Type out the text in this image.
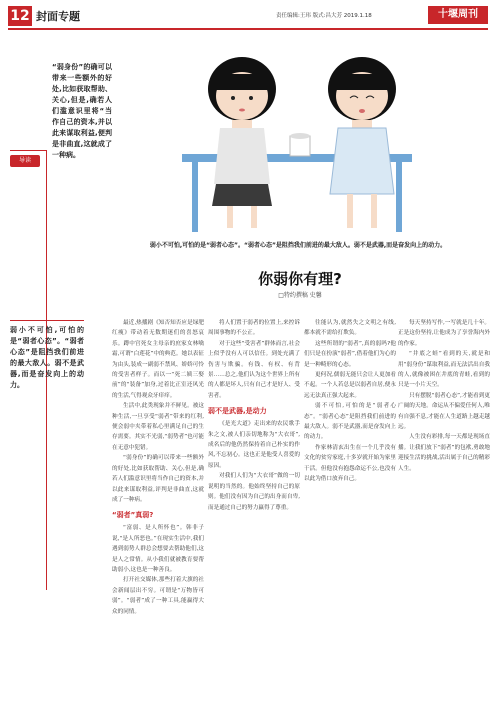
12 封面专题	责任编辑:王玮 版式:昌大芳 2019.1.18	十堰周刊
“弱身份”的确可以带来一些额外的好处,比如获取帮助、关心,但是,确若人们滥意识里将“当作自己的资本,并以此来谋取利益,便判是非曲直,这就成了一种病。
导读
弱小不可怕,可怕的是“弱者心态”。“弱者心态”是阻挡我们前进的最大敌人。弱不是武器,而是奋发向上的动力。
弱小不可怕,可怕的是“弱者心态”。“弱者心态”是阻挡我们前进的最大敌人。弱不是武器,而是奋发向上的动力。
你弱你有理?
□特约撰稿 史馨

最近,热播剧《知否知否应是绿肥红瘦》带动着无数期迷们的喜怒哀乐。蹲中宫死女主母亲的庶家女林噙霜,可谓“白莲花”中的典范。她以表征为由头,装成一副弱不禁风、娇娇可怜的受害者样子。而以一“死二姨三娶前”的“装备”加身,过着比正室还风光的生活,气得观众牙痒痒。

生活中,此类现象并不鲜见。被这种生活,一旦享受“弱者”带来的红利,便会弱中夹带着私心里满足自己的生存需要。其实不光弱,“弱势者”也可能在无意中犯错。

“弱身份”的确可以带来一些额外的好处,比如获取帮助、关心,但是,确若人们滥意识里将当作自己的资本,并以此来谋取利益,评判是非曲直,这就成了一种病。

“弱者”真弱?

“富弱、是人所怀也”。韩非子说,“是人所恶也。”在现实生活中,我们遇到弱势人群总会想要去帮助他们,这是人之常情。从小我们就被教育要帮助弱小,这也是一种善良。

打开社交媒体,那些打着大旗的社会新闻层出不穷。可谓是“万物皆可弱”。“弱者”成了一种工具,能赢得大众的同情。

将人们置于弱者的位置上,来控诉周围事物的不公正。

对于这些“受害者”群体而言,社会上似乎没有人可以信任。到处充满了伤害与欺骗。有钱、有权、有背景……总之,他们认为这个世界上所有的人都是坏人,只有自己才是好人、受害者。

弱不是武器,是动力

《是光大道》走出来的农民歌手朱之文,被人们亲切地称为“大衣哥”,成名后的他仍然保持着自己朴实的作风,不忘初心。这也正是他受人喜爱的原因。

对我们人们为“大衣哥”做的一切说明的当然的。他始终坚持自己的原则。他们没有因为自己的出身而自卑,而是通过自己的努力赢得了尊重。

往能认为,就然失之文明之有线,都本就不需给打欺负。

这些所谓的“弱者”,真的弱吗?他们只是在扮演“弱者”,借着他们为心的是一种畸形的心态。

更何况,儒弱无能只会让人更加看不起。一个人若总是以弱者自居,便永远无法真正强大起来。

弱不可怕,可怕的是“弱者心态”。“弱者心态”是阻挡我们前进的最大敌人。弱不是武器,而是奋发向上的动力。

作家林清玄出生在一个几乎没有文化的贫穷家庭,十多岁就开始为家里干活。但他没有抱怨命运不公,也没有以此为借口放弃自己。

每天坚持写作,一写就是几十年。正是这份坚持,让他成为了享誉海内外的作家。

“井底之蛙”看到的天,就是和用“弱身份”谋取利益,而无法活出自我的人,就像被困在井底的青蛙,看到的只是一小片天空。

只有摆脱“弱者心态”,才能看到更广阔的天地。命运从不偏爱任何人,唯有自强不息,才能在人生道路上越走越远。

人生没有彩排,每一天都是现场直播。让我们放下“弱者”的包袱,勇敢地迎接生活的挑战,活出属于自己的精彩人生。
